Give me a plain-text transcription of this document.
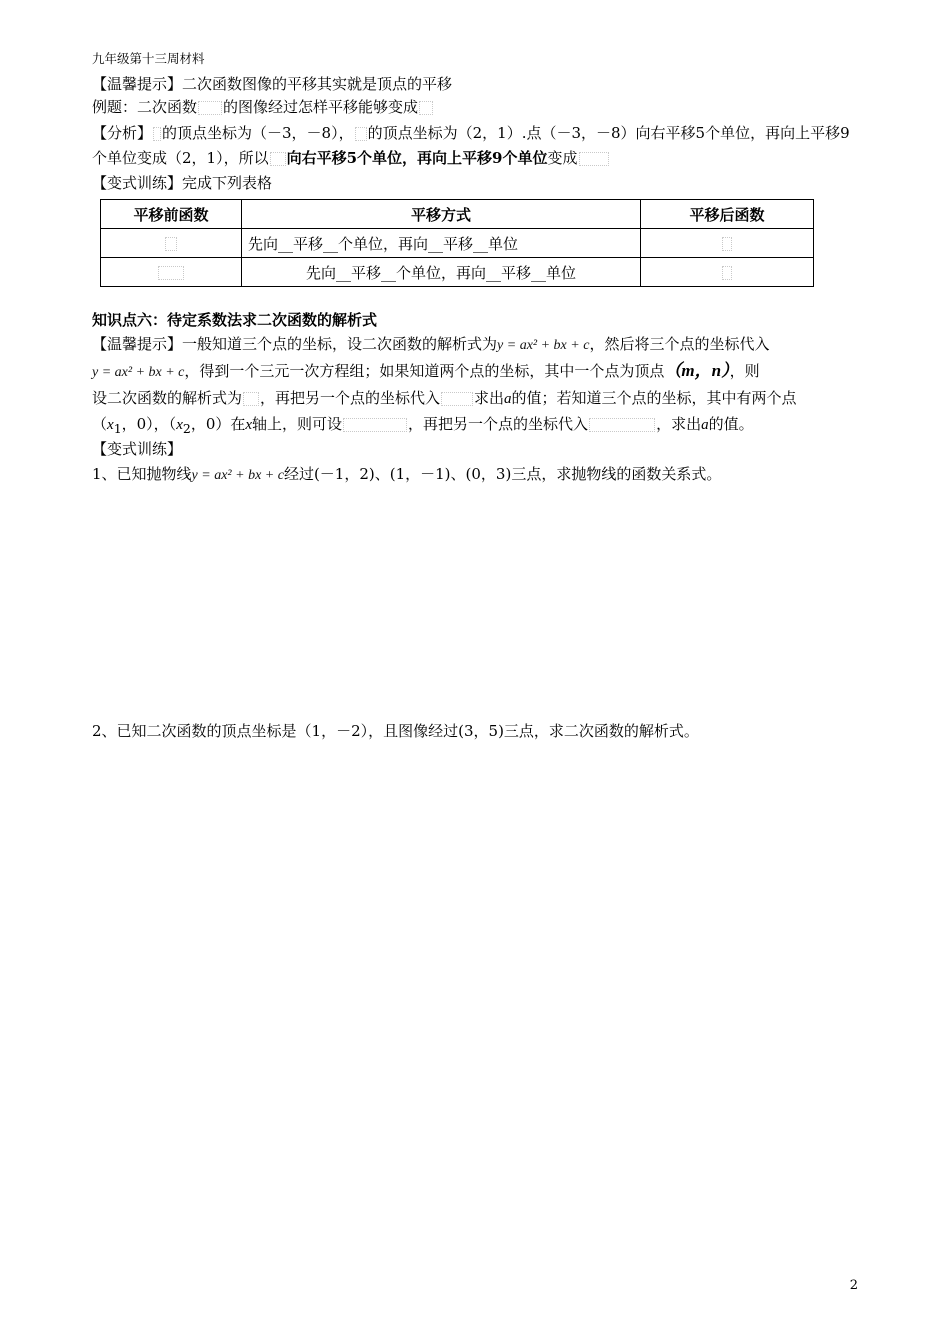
九年级第十三周材料
【温馨提示】二次函数图像的平移其实就是顶点的平移
例题：二次函数 的图像经过怎样平移能够变成
【分析】 的顶点坐标为（－3，－8）， 的顶点坐标为（2，1）.点（－3，－8）向右平移5个单位，再向上平移9
个单位变成（2，1），所以 向右平移5个单位，再向上平移9个单位变成
【变式训练】完成下列表格
平移前函数	平移方式	平移后函数
	先向__平移__个单位，再向__平移__单位	
	先向__平移__个单位，再向__平移__单位	
知识点六：待定系数法求二次函数的解析式
【温馨提示】一般知道三个点的坐标，设二次函数的解析式为y = ax² + bx + c，然后将三个点的坐标代入
y = ax² + bx + c，得到一个三元一次方程组；如果知道两个点的坐标，其中一个点为顶点（m，n），则
设二次函数的解析式为 ，再把另一个点的坐标代入 求出a的值；若知道三个点的坐标，其中有两个点
（$x_1$，0），（$x_2$，0）在x轴上，则可设	，再把另一个点的坐标代入	，求出a的值。
【变式训练】
1、已知抛物线y = ax² + bx + c经过(－1，2)、(1，－1)、(0，3)三点，求抛物线的函数关系式。
2、已知二次函数的顶点坐标是（1，－2），且图像经过(3，5)三点，求二次函数的解析式。
2
